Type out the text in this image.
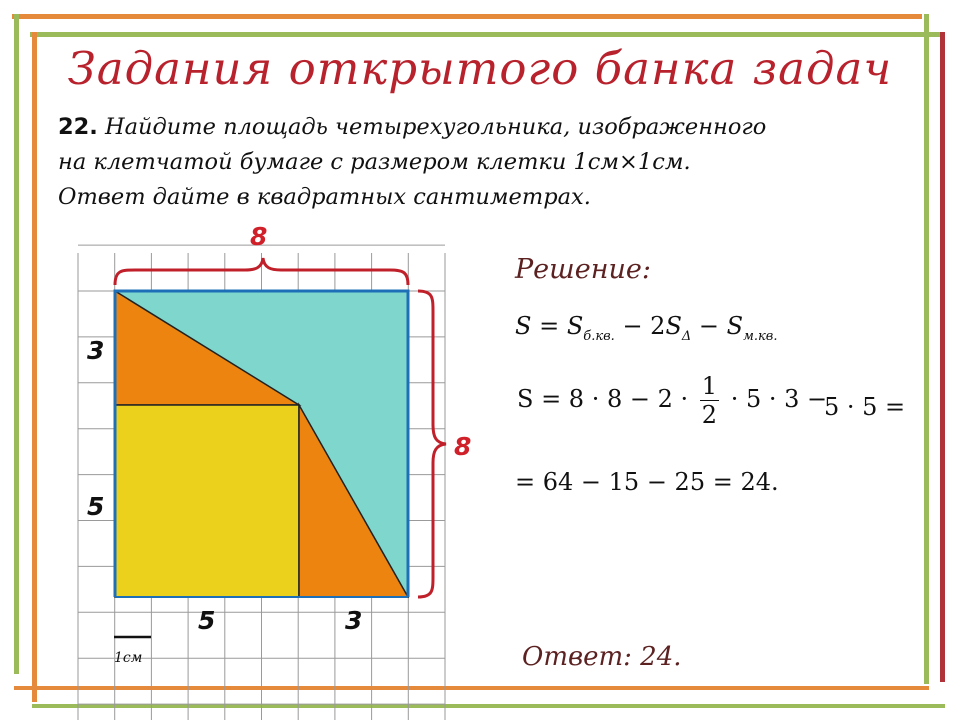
Задания открытого банка задач
22. Найдите площадь четырехугольника, изображенного
на клетчатой бумаге с размером клетки 1см×1см.
Ответ дайте в квадратных сантиметрах.
8
8
3
5
5	3
1см
Решение:
$S = S_{б.кв.} - 2S_\Delta - S_{м.кв.}$
$S = 8 \cdot 8 - 2 \cdot \frac{1}{2} \cdot 5 \cdot 3$ −
5 · 5 =
= 64 − 15 − 25 = 24.
Ответ: 24.
